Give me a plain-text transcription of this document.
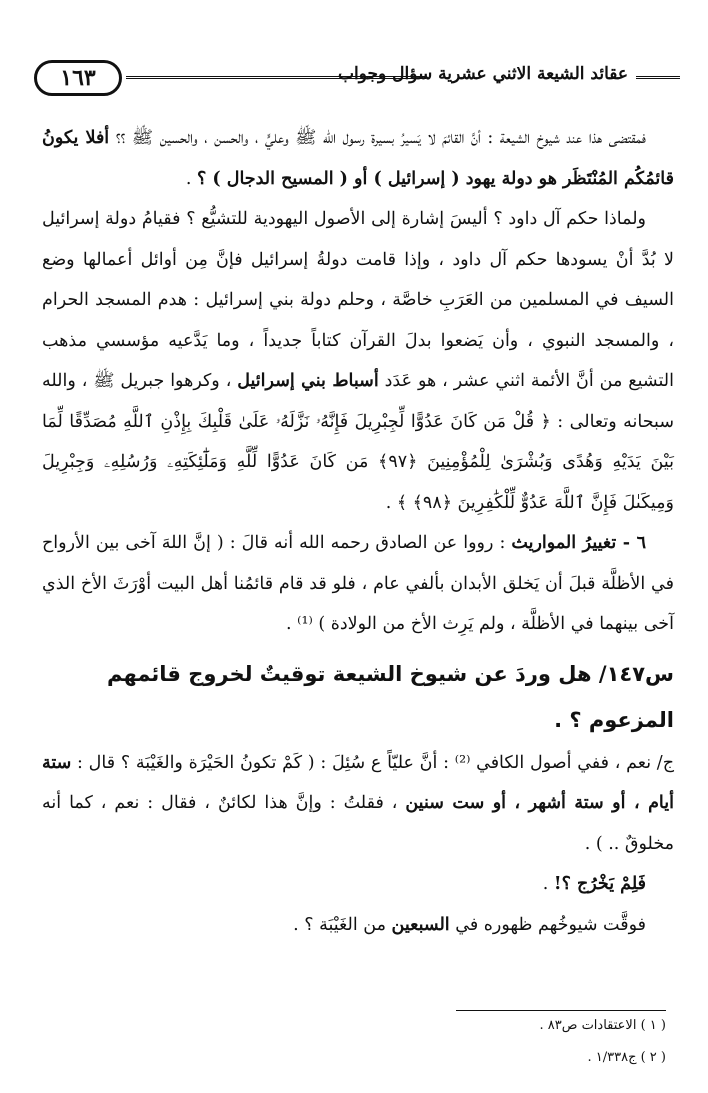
١٦٣	عقائد الشيعة الاثني عشرية سؤال وجواب

فمقتضى هذا عند شيوخ الشيعة : أنَّ القائمَ لا يَسيرُ بسيرة رسول الله ﷺ وعليٍّ ، والحسن ، والحسين ﷺ ؟؟ أفلا يكونُ قائمُكُم المُنْتَظَر هو دولة يهود ( إسرائيل ) أو ( المسيح الدجال ) ؟ .

ولماذا حكم آل داود ؟ أليسَ إشارة إلى الأصول اليهودية للتشيُّع ؟ فقيامُ دولة إسرائيل لا بُدَّ أنْ يسودها حكم آل داود ، وإذا قامت دولةُ إسرائيل فإنَّ مِن أوائل أعمالها وضع السيف في المسلمين من العَرَبِ خاصَّة ، وحلم دولة بني إسرائيل : هدم المسجد الحرام ، والمسجد النبوي ، وأن يَضعوا بدلَ القرآن كتاباً جديداً ، وما يَدَّعيه مؤسسي مذهب التشيع من أنَّ الأئمة اثني عشر ، هو عَدَد أسباط بني إسرائيل ، وكرهوا جبريل ﷺ ، والله سبحانه وتعالى : ﴿ قُلْ مَن كَانَ عَدُوًّا لِّجِبْرِيلَ فَإِنَّهُۥ نَزَّلَهُۥ عَلَىٰ قَلْبِكَ بِإِذْنِ ٱللَّهِ مُصَدِّقًا لِّمَا بَيْنَ يَدَيْهِ وَهُدًى وَبُشْرَىٰ لِلْمُؤْمِنِينَ ﴿٩٧﴾ مَن كَانَ عَدُوًّا لِّلَّهِ وَمَلَٰٓئِكَتِهِۦ وَرُسُلِهِۦ وَجِبْرِيلَ وَمِيكَىٰلَ فَإِنَّ ٱللَّهَ عَدُوٌّ لِّلْكَٰفِرِينَ ﴿٩٨﴾ ﴾ .

٦ - تغييرُ المواريث : رووا عن الصادق رحمه الله أنه قالَ : ( إنَّ اللهَ آخى بين الأرواح في الأظلَّة قبلَ أن يَخلق الأبدان بألفي عام ، فلو قد قام قائمُنا أهل البيت أوْرَثَ الأخ الذي آخى بينهما في الأظلَّة ، ولم يَرِث الأخ من الولادة ) ⁽¹⁾ .

س١٤٧/ هل وردَ عن شيوخ الشيعة توقيتٌ لخروج قائمهم المزعوم ؟ .

ج/ نعم ، ففي أصول الكافي ⁽²⁾ : أنَّ عليّاً ع سُئِلَ : ( كَمْ تكونُ الحَيْرَة والغَيْبَة ؟ قال : ستة أيام ، أو ستة أشهر ، أو ست سنين ، فقلتُ : وإنَّ هذا لكائنٌ ، فقال : نعم ، كما أنه مخلوقٌ .. ) .

فَلِمْ يَخْرُج ؟! .

فوقَّت شيوخُهم ظهوره في السبعين من الغَيْبَة ؟ .

( ١ ) الاعتقادات ص٨٣ .
( ٢ ) ج١/٣٣٨ .
